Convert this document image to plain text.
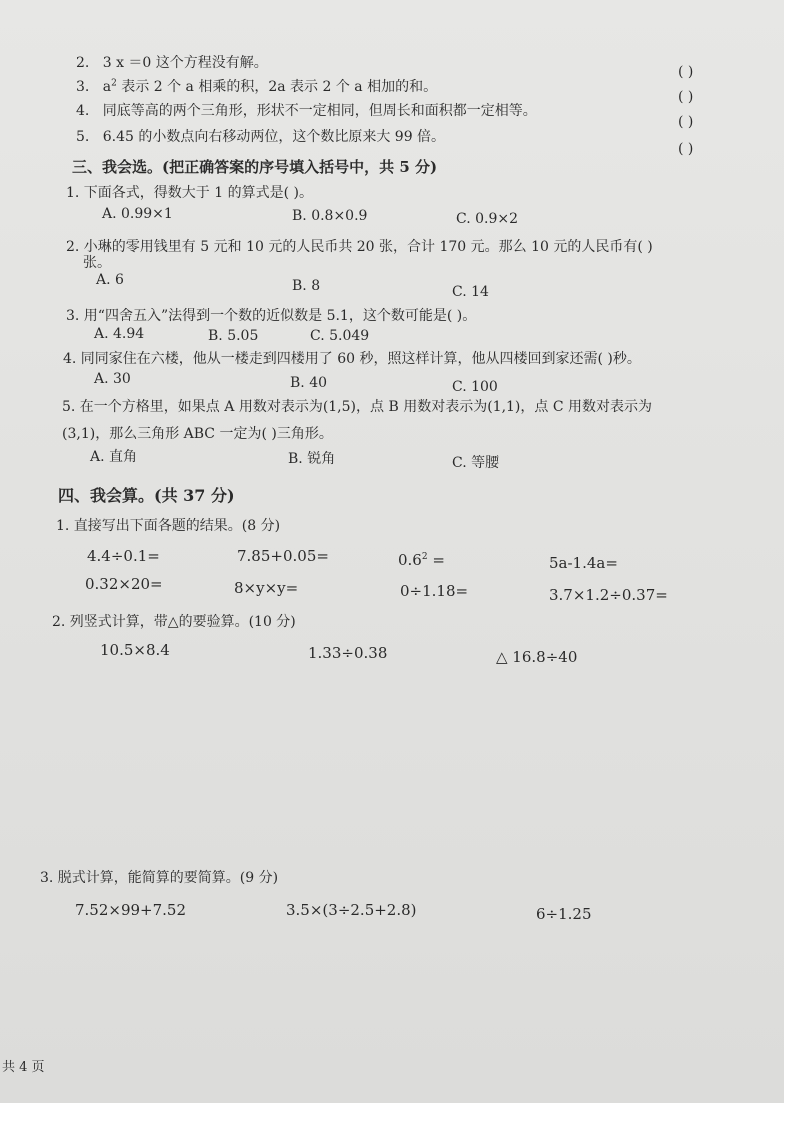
2. 3 x ＝0 这个方程没有解。
3. $a^2$ 表示 2 个 a 相乘的积，2a 表示 2 个 a 相加的和。
( )
4. 同底等高的两个三角形，形状不一定相同，但周长和面积都一定相等。
( )
5. 6.45 的小数点向右移动两位，这个数比原来大 99 倍。
( )
( )
三、我会选。(把正确答案的序号填入括号中，共 5 分)
1. 下面各式，得数大于 1 的算式是( )。
A. 0.99×1	B. 0.8×0.9	C. 0.9×2
2. 小琳的零用钱里有 5 元和 10 元的人民币共 20 张，合计 170 元。那么 10 元的人民币有( )
张。
A. 6	B. 8	C. 14
3. 用“四舍五入”法得到一个数的近似数是 5.1，这个数可能是( )。
A. 4.94	B. 5.05	C. 5.049
4. 同同家住在六楼，他从一楼走到四楼用了 60 秒，照这样计算，他从四楼回到家还需( )秒。
A. 30	B. 40	C. 100
5. 在一个方格里，如果点 A 用数对表示为(1,5)，点 B 用数对表示为(1,1)，点 C 用数对表示为
(3,1)，那么三角形 ABC 一定为( )三角形。
A. 直角	B. 锐角	C. 等腰
四、我会算。(共 37 分)
1. 直接写出下面各题的结果。(8 分)
4.4÷0.1=	7.85+0.05=	$0.6^2$ =	5a-1.4a=
0.32×20=	8×y×y=	0÷1.18=	3.7×1.2÷0.37=
2. 列竖式计算，带△的要验算。(10 分)
10.5×8.4	1.33÷0.38	△ 16.8÷40
3. 脱式计算，能简算的要简算。(9 分)
7.52×99+7.52	3.5×(3÷2.5+2.8)	6÷1.25
共 4 页
